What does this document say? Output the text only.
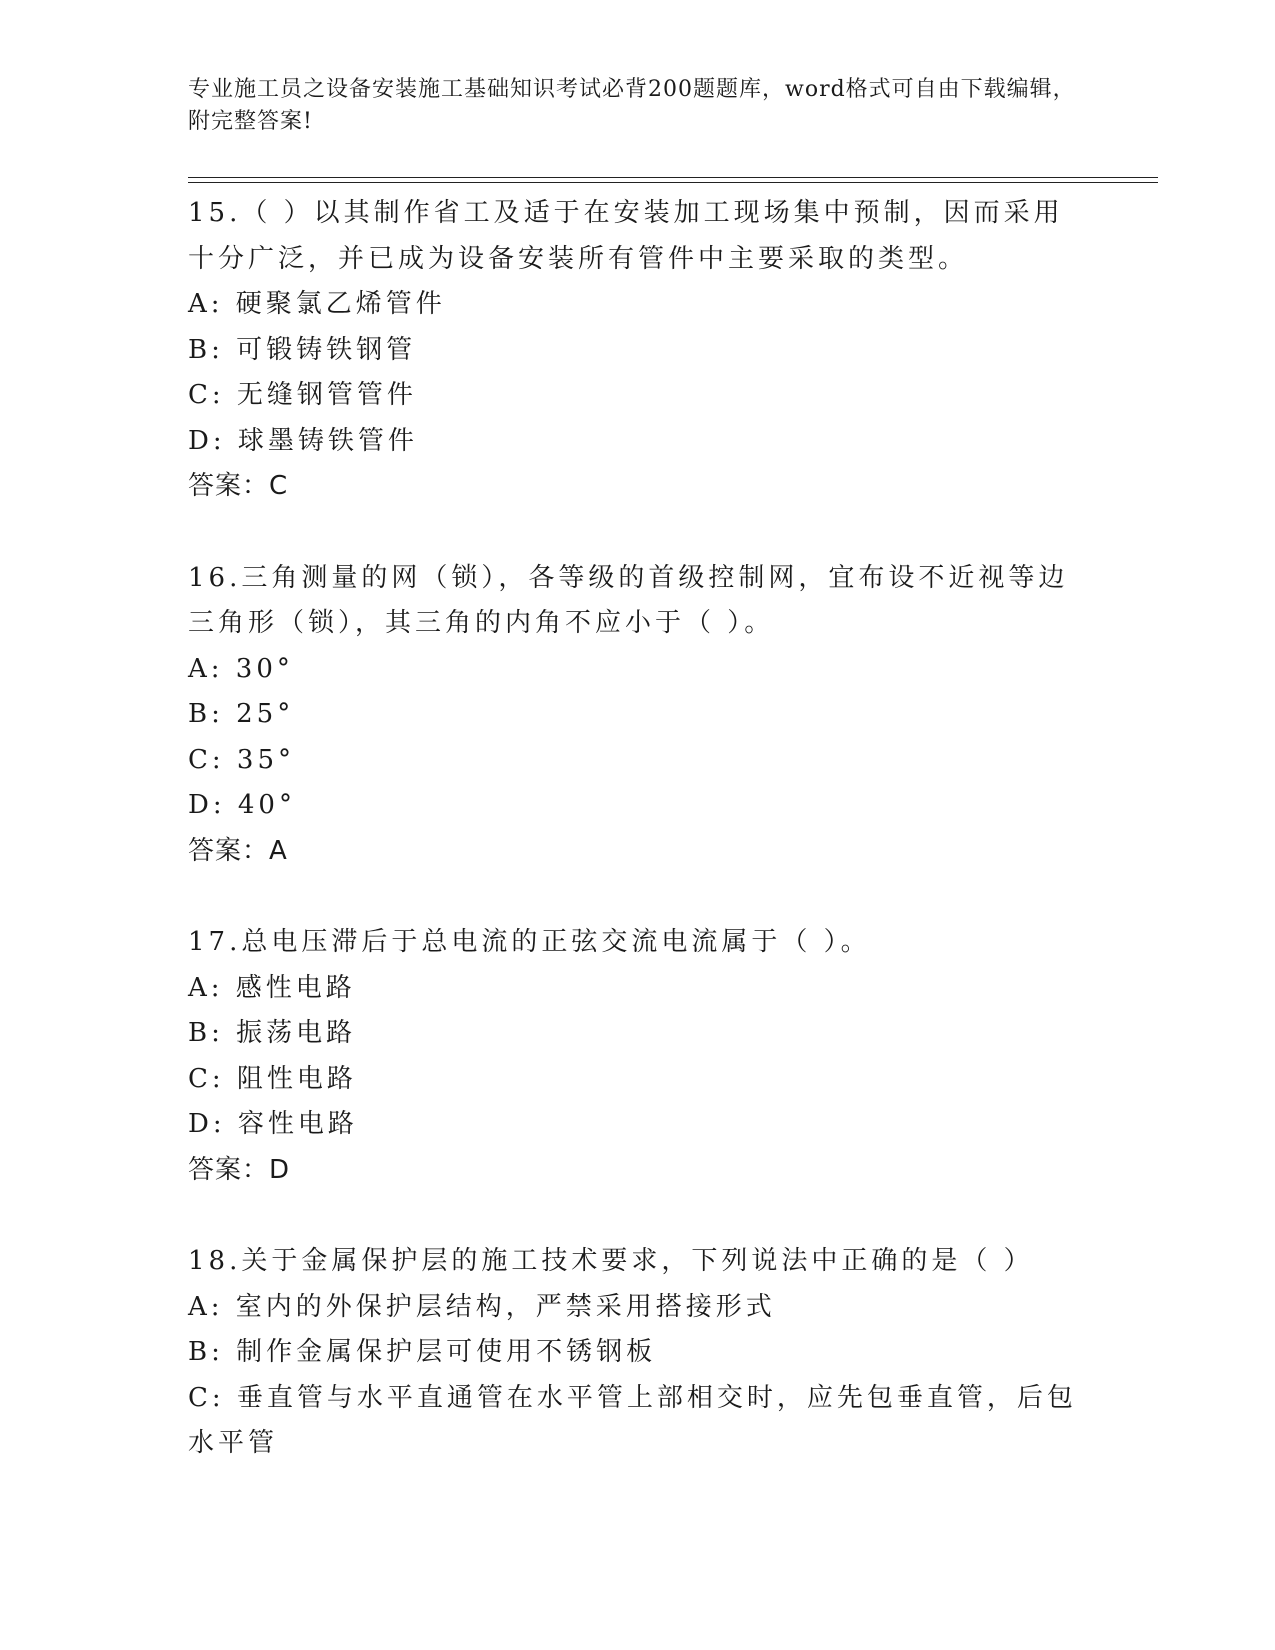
专业施工员之设备安装施工基础知识考试必背200题题库，word格式可自由下载编辑，附完整答案!
15.（ ）以其制作省工及适于在安装加工现场集中预制，因而采用十分广泛，并已成为设备安装所有管件中主要采取的类型。
A: 硬聚氯乙烯管件
B: 可锻铸铁钢管
C: 无缝钢管管件
D: 球墨铸铁管件
答案：C
16.三角测量的网（锁），各等级的首级控制网，宜布设不近视等边三角形（锁），其三角的内角不应小于（ ）。
A: 30°
B: 25°
C: 35°
D: 40°
答案：A
17.总电压滞后于总电流的正弦交流电流属于（ ）。
A: 感性电路
B: 振荡电路
C: 阻性电路
D: 容性电路
答案：D
18.关于金属保护层的施工技术要求，下列说法中正确的是（ ）
A: 室内的外保护层结构，严禁采用搭接形式
B: 制作金属保护层可使用不锈钢板
C: 垂直管与水平直通管在水平管上部相交时，应先包垂直管，后包水平管
